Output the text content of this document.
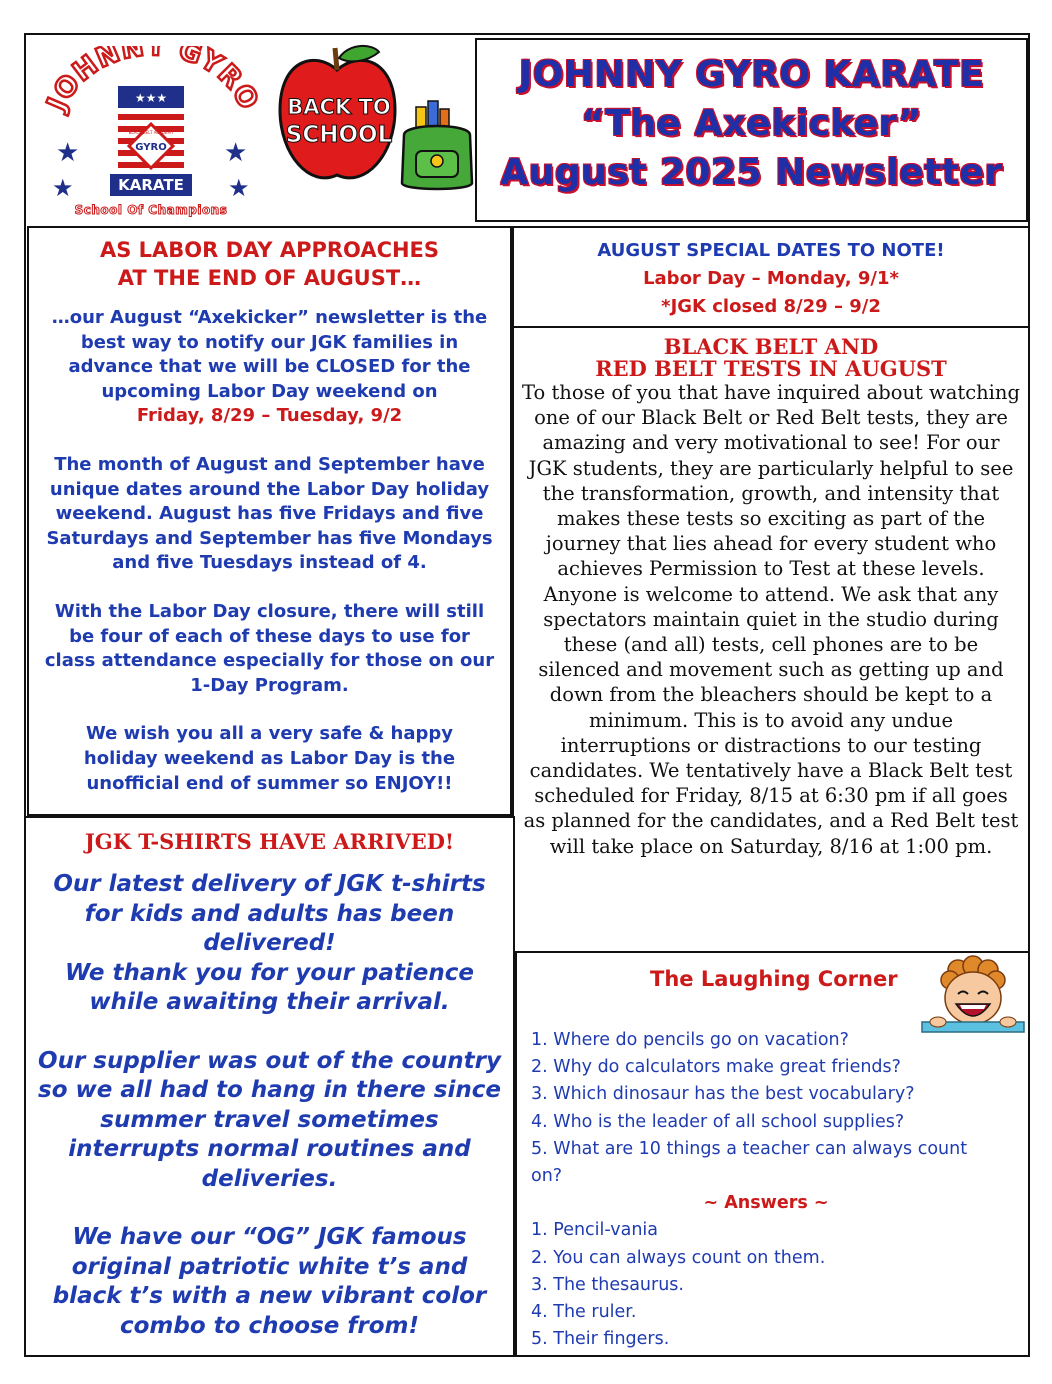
JOHNNY GYRO
★★★
BLACK BELT ACADEMY
GYRO
KARATE
★	★
★	★
School Of Champions
BACK TO
SCHOOL
JOHNNY GYRO KARATE
“The Axekicker”
August 2025 Newsletter
AS LABOR DAY APPROACHES
AT THE END OF AUGUST…

…our August “Axekicker” newsletter is the best way to notify our JGK families in advance that we will be CLOSED for the upcoming Labor Day weekend on
Friday, 8/29 – Tuesday, 9/2

The month of August and September have unique dates around the Labor Day holiday weekend. August has five Fridays and five Saturdays and September has five Mondays and five Tuesdays instead of 4.

With the Labor Day closure, there will still be four of each of these days to use for class attendance especially for those on our 1-Day Program.

We wish you all a very safe & happy holiday weekend as Labor Day is the unofficial end of summer so ENJOY!!

AUGUST SPECIAL DATES TO NOTE!
Labor Day – Monday, 9/1*
*JGK closed 8/29 – 9/2
BLACK BELT AND
RED BELT TESTS IN AUGUST
To those of you that have inquired about watching one of our Black Belt or Red Belt tests, they are amazing and very motivational to see! For our JGK students, they are particularly helpful to see the transformation, growth, and intensity that makes these tests so exciting as part of the journey that lies ahead for every student who achieves Permission to Test at these levels. Anyone is welcome to attend. We ask that any spectators maintain quiet in the studio during these (and all) tests, cell phones are to be silenced and movement such as getting up and down from the bleachers should be kept to a minimum. This is to avoid any undue interruptions or distractions to our testing candidates. We tentatively have a Black Belt test scheduled for Friday, 8/15 at 6:30 pm if all goes as planned for the candidates, and a Red Belt test will take place on Saturday, 8/16 at 1:00 pm.
JGK T-SHIRTS HAVE ARRIVED!

Our latest delivery of JGK t-shirts for kids and adults has been delivered!

We thank you for your patience while awaiting their arrival.

Our supplier was out of the country so we all had to hang in there since summer travel sometimes interrupts normal routines and deliveries.

We have our “OG” JGK famous original patriotic white t’s and black t’s with a new vibrant color combo to choose from!

The Laughing Corner
1. Where do pencils go on vacation?
2. Why do calculators make great friends?
3. Which dinosaur has the best vocabulary?
4. Who is the leader of all school supplies?
5. What are 10 things a teacher can always count on?
~ Answers ~
1. Pencil-vania
2. You can always count on them.
3. The thesaurus.
4. The ruler.
5. Their fingers.
